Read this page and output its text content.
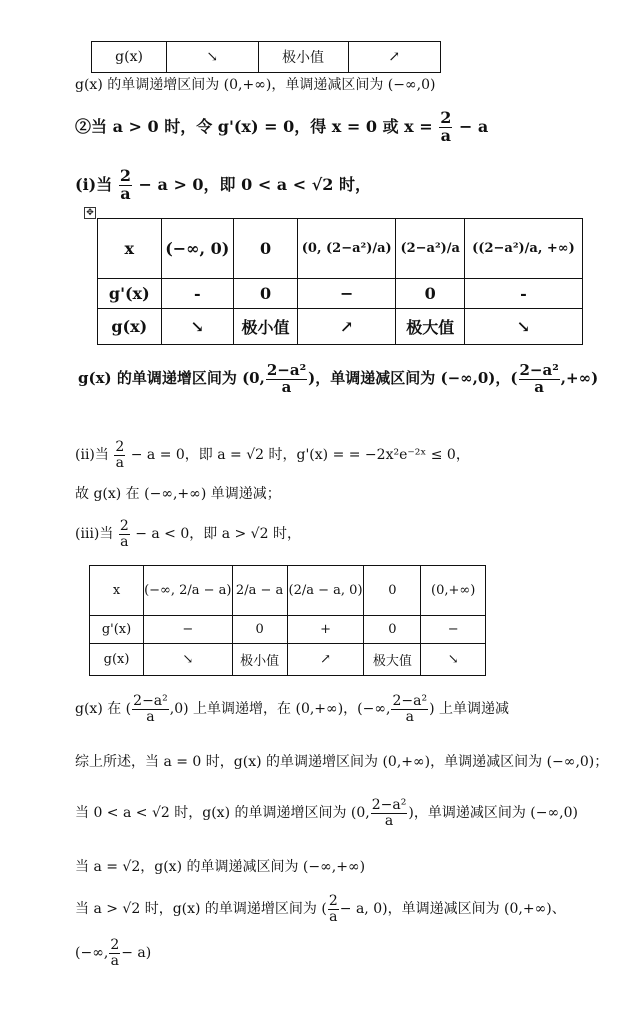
g(x)	↘	极小值	↗
g(x) 的单调递增区间为 (0,+∞)，单调递减区间为 (−∞,0)
②当 a > 0 时，令 g'(x) = 0，得 x = 0 或 $x = \frac{2}{a} - a$
(ⅰ)当 $\frac{2}{a} - a > 0$，即 0 < a < √2 时，
✥
x	(−∞, 0)	0	(0, (2−a²)/a)	(2−a²)/a	((2−a²)/a, +∞)
g'(x)	-	0	−	0	-
g(x)	↘	极小值	↗	极大值	↘
g(x) 的单调递增区间为 (0, $\frac{\text{2−a²}}{a}$ )，单调递减区间为 (−∞,0)，( $\frac{\text{2−a²}}{a}$ ,+∞)
(ⅱ)当 $\frac{2}{a} - a = 0$，即 a = √2 时，g'(x) = = −2x²e⁻²ˣ ≤ 0，
故 g(x) 在 (−∞,+∞) 单调递减；
(ⅲ)当 $\frac{2}{a} - a < 0$，即 a > √2 时，
x	(−∞, 2/a − a)	2/a − a	(2/a − a, 0)	0	(0,+∞)
g'(x)	−	0	+	0	−
g(x)	↘	极小值	↗	极大值	↘
g(x) 在 ( $\frac{\text{2−a²}}{a} ,0$) 上单调递增，在 (0,+∞)，(−∞, $\frac{\text{2−a²}}{a}$ ) 上单调递减
综上所述，当 a = 0 时，g(x) 的单调递增区间为 (0,+∞)，单调递减区间为 (−∞,0)；
当 0 < a < √2 时，g(x) 的单调递增区间为 (0, $\frac{\text{2−a²}}{a}$ )，单调递减区间为 (−∞,0)
当 a = √2，g(x) 的单调递减区间为 (−∞,+∞)
当 a > √2 时，g(x) 的单调递增区间为 ( $\frac{2}{a} - a$, 0)，单调递减区间为 (0,+∞)、
(−∞, $\frac{2}{a} - a$)
